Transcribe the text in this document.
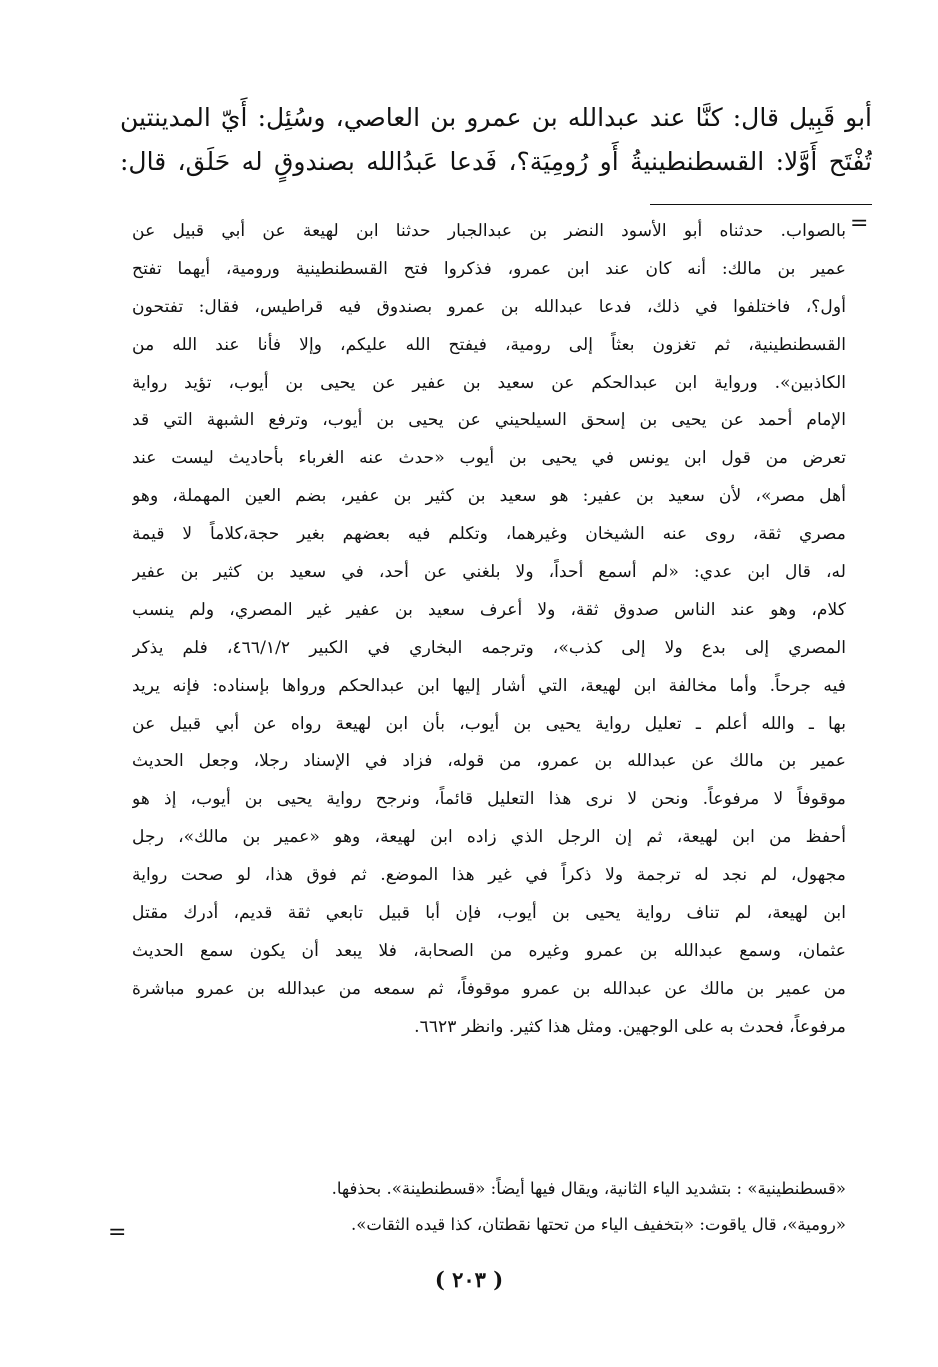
أبو قَبِيل قال: كنَّا عند عبدالله بن عمرو بن العاصي، وسُئِل: أَيّ المدينتين
تُفْتَح أَوَّلا: القسطنطينيةُ أَو رُومِيَة؟، فَدعا عَبدُالله بصندوقٍ له حَلَق، قال:
=
بالصواب. حدثناه أبو الأسود النضر بن عبدالجبار حدثنا ابن لهيعة عن أبي قبيل عن
عمير بن مالك: أنه كان عند ابن عمرو، فذكروا فتح القسطنطينية ورومية، أيهما تفتح
أول؟، فاختلفوا في ذلك، فدعا عبدالله بن عمرو بصندوق فيه قراطيس، فقال: تفتحون
القسطنطينية، ثم تغزون بعثاً إلى رومية، فيفتح الله عليكم، وإلا فأنا عند الله من
الكاذبين». ورواية ابن عبدالحكم عن سعيد بن عفير عن يحيى بن أيوب، تؤيد رواية
الإمام أحمد عن يحيى بن إسحق السيلحيني عن يحيى بن أيوب، وترفع الشبهة التي قد
تعرض من قول ابن يونس في يحيى بن أيوب «حدث عنه الغرباء بأحاديث ليست عند
أهل مصر»، لأن سعيد بن عفير: هو سعيد بن كثير بن عفير، بضم العين المهملة، وهو
مصري ثقة، روى عنه الشيخان وغيرهما، وتكلم فيه بعضهم بغير حجة،كلاماً لا قيمة
له، قال ابن عدي: «لم أسمع أحداً، ولا بلغني عن أحد، في سعيد بن كثير بن عفير
كلام، وهو عند الناس صدوق ثقة، ولا أعرف سعيد بن عفير غير المصري، ولم ينسب
المصري إلى بدع ولا إلى كذب»، وترجمه البخاري في الكبير ٤٦٦/١/٢، فلم يذكر
فيه جرحاً. وأما مخالفة ابن لهيعة، التي أشار إليها ابن عبدالحكم ورواها بإسناده: فإنه يريد
بها ـ والله أعلم ـ تعليل رواية يحيى بن أيوب، بأن ابن لهيعة رواه عن أبي قبيل عن
عمير بن مالك عن عبدالله بن عمرو، من قوله، فزاد في الإسناد رجلا، وجعل الحديث
موقوفاً لا مرفوعاً. ونحن لا نرى هذا التعليل قائماً، ونرجح رواية يحيى بن أيوب، إذ هو
أحفظ من ابن لهيعة، ثم إن الرجل الذي زاده ابن لهيعة، وهو «عمير بن مالك»، رجل
مجهول، لم نجد له ترجمة ولا ذكراً في غير هذا الموضع. ثم فوق هذا، لو صحت رواية
ابن لهيعة، لم تناف رواية يحيى بن أيوب، فإن أبا قبيل تابعي ثقة قديم، أدرك مقتل
عثمان، وسمع عبدالله بن عمرو وغيره من الصحابة، فلا يبعد أن يكون سمع الحديث
من عمير بن مالك عن عبدالله بن عمرو موقوفاً، ثم سمعه من عبدالله بن عمرو مباشرة
مرفوعاً، فحدث به على الوجهين. ومثل هذا كثير. وانظر ٦٦٢٣.
«قسطنطينية» : بتشديد الياء الثانية، ويقال فيها أيضاً: «قسطنطينة». بحذفها.
«رومية»، قال ياقوت: «بتخفيف الياء من تحتها نقطتان، كذا قيده الثقات».
=
( ٢٠٣ )
